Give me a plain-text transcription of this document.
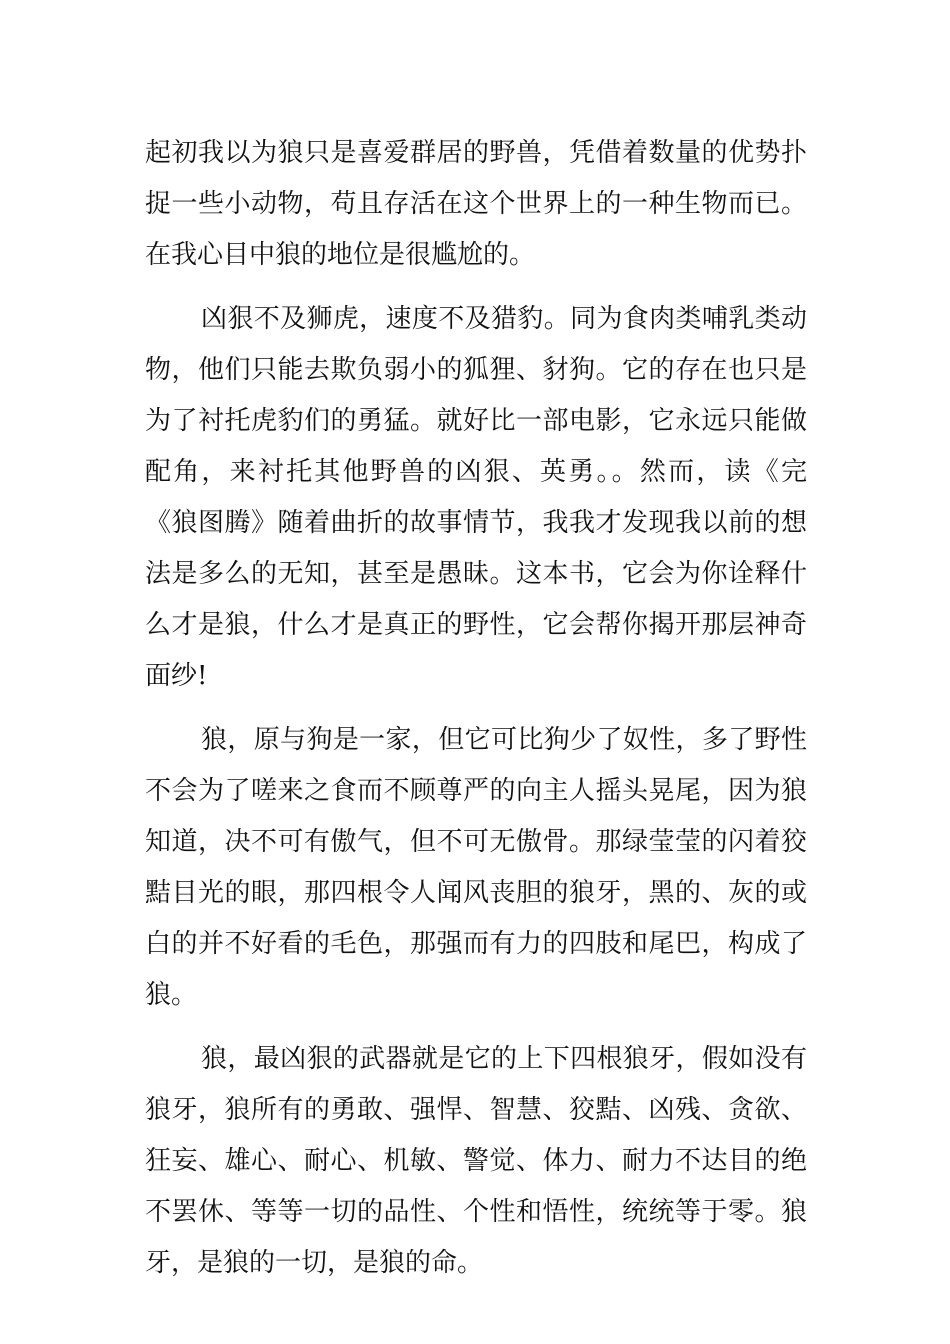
起初我以为狼只是喜爱群居的野兽，凭借着数量的优势扑
捉一些小动物，苟且存活在这个世界上的一种生物而已。
在我心目中狼的地位是很尴尬的。
凶狠不及狮虎，速度不及猎豹。同为食肉类哺乳类动
物，他们只能去欺负弱小的狐狸、豺狗。它的存在也只是
为了衬托虎豹们的勇猛。就好比一部电影，它永远只能做
配角，来衬托其他野兽的凶狠、英勇。。然而，读《完
《狼图腾》随着曲折的故事情节，我我才发现我以前的想
法是多么的无知，甚至是愚昧。这本书，它会为你诠释什
么才是狼，什么才是真正的野性，它会帮你揭开那层神奇
面纱!
狼，原与狗是一家，但它可比狗少了奴性，多了野性
不会为了嗟来之食而不顾尊严的向主人摇头晃尾，因为狼
知道，决不可有傲气，但不可无傲骨。那绿莹莹的闪着狡
黠目光的眼，那四根令人闻风丧胆的狼牙，黑的、灰的或
白的并不好看的毛色，那强而有力的四肢和尾巴，构成了
狼。
狼，最凶狠的武器就是它的上下四根狼牙，假如没有
狼牙，狼所有的勇敢、强悍、智慧、狡黠、凶残、贪欲、
狂妄、雄心、耐心、机敏、警觉、体力、耐力不达目的绝
不罢休、等等一切的品性、个性和悟性，统统等于零。狼
牙，是狼的一切，是狼的命。
